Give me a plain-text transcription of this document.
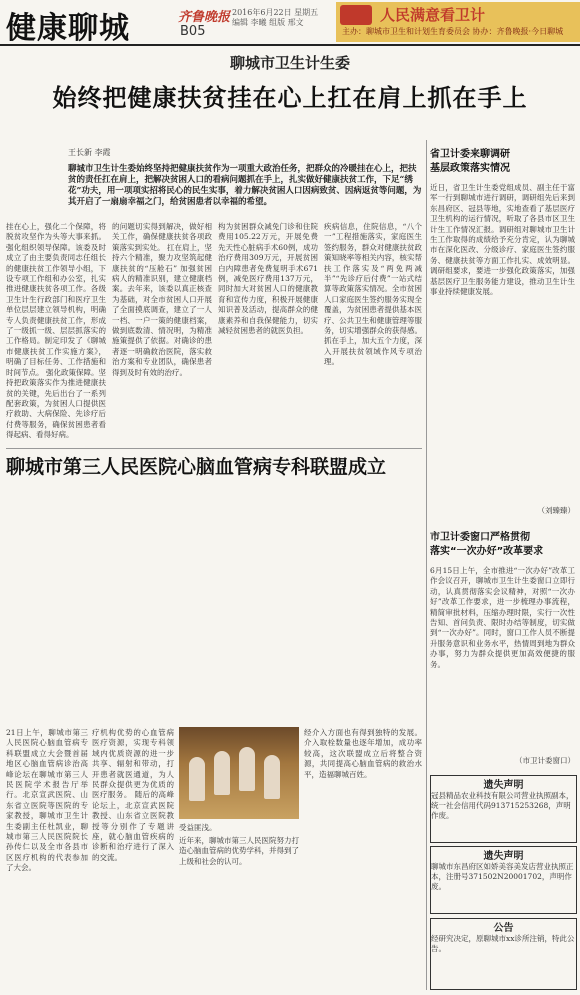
健康聊城	齐鲁晚报
B05
2016年6月22日 星期五
编辑 李曦 组版 邢文	人民满意看卫计
主办：聊城市卫生和计划生育委员会 协办：齐鲁晚报·今日聊城
聊城市卫生计生委
始终把健康扶贫挂在心上扛在肩上抓在手上
王长新 李霞
聊城市卫生计生委始终坚持把健康扶贫作为一项重大政治任务，把群众的冷暖挂在心上，把扶贫的责任扛在肩上，把解决贫困人口的看病问题抓在手上，扎实做好健康扶贫工作，下足“绣花”功夫，用一项项实招将民心的民生实事，着力解决贫困人口因病致贫、因病返贫等问题，为其开启了一扇扇幸福之门，给贫困患者以幸福的希望。
挂在心上，强化二个保障，将脱贫攻坚作为头等大事来抓。 强化组织领导保障。该委及时成立了由主要负责同志任组长的健康扶贫工作领导小组，下设专项工作组和办公室，扎实推进健康扶贫各项工作。各级卫生计生行政部门和医疗卫生单位层层建立领导机构，明确专人负责健康扶贫工作，形成了一级抓一级、层层抓落实的工作格局。制定印发了《聊城市健康扶贫工作实施方案》，明确了目标任务、工作措施和时间节点。 强化政策保障。坚持把政策落实作为推进健康扶贫的关键，先后出台了一系列配套政策，为贫困人口提供医疗救助、大病保险、先诊疗后付费等服务，确保贫困患者看得起病、看得好病。
的问题切实得到解决，做好相关工作，确保健康扶贫各项政策落实到实处。 扛在肩上，坚持六个精准，聚力攻坚筑起健康扶贫的“压舱石” 加强贫困病人的精准识别，建立健康档案。去年来，该委以真正核查为基础，对全市贫困人口开展了全面摸底调查，建立了一人一档、一户一策的健康档案，做到底数清、情况明，为精准施策提供了依据。对确诊的患者逐一明确救治医院，落实救治方案和专业团队，确保患者得到及时有效的治疗。
构为贫困群众减免门诊和住院费用105.22万元，开展免费先天性心脏病手术60例，成功治疗费用309万元，开展贫困白内障患者免费复明手术671例，减免医疗费用137万元，同时加大对贫困人口的健康教育和宣传力度，积极开展健康知识普及活动，提高群众的健康素养和自我保健能力，切实减轻贫困患者的就医负担。
疾病信息，住院信息，“八个一”工程措施落实，家庭医生签约服务，群众对健康扶贫政策知晓率等相关内容，核实帮扶工作落实及“两免两减半”“先诊疗后付费”一站式结算等政策落实情况。全市贫困人口家庭医生签约服务实现全覆盖，为贫困患者提供基本医疗、公共卫生和健康管理等服务，切实增强群众的获得感。 抓在手上，加大五个力度，深入开展扶贫领域作风专项治理。
省卫计委来聊调研
基层政策落实情况
近日，省卫生计生委党组成员、副主任于富军一行到聊城市进行调研，调研组先后来到东昌府区、冠县等地，实地查看了基层医疗卫生机构的运行情况，听取了各县市区卫生计生工作情况汇报。调研组对聊城市卫生计生工作取得的成绩给予充分肯定，认为聊城市在深化医改、分级诊疗、家庭医生签约服务、健康扶贫等方面工作扎实、成效明显。调研组要求，要进一步强化政策落实，加强基层医疗卫生服务能力建设，推动卫生计生事业持续健康发展。
（刘臻臻）
市卫计委窗口严格贯彻
落实“一次办好”改革要求
6月15日上午，全市推进“一次办好”改革工作会议召开，聊城市卫生计生委窗口立即行动，认真贯彻落实会议精神，对照“一次办好”改革工作要求，进一步梳理办事流程，精简审批材料，压缩办理时限，实行一次性告知、首问负责、限时办结等制度，切实做到“一次办好”。同时，窗口工作人员不断提升服务意识和业务水平，热情周到地为群众办事，努力为群众提供更加高效便捷的服务。
（市卫计委窗口）
聊城市第三人民医院心脑血管病专科联盟成立
21日上午，聊城市第三人民医院心脑血管病专科联盟成立大会暨首届地区心脑血管病诊治高峰论坛在聊城市第三人民医院学术报告厅举行。北京宣武医院、山东省立医院等医院的专家教授，聊城市卫生计生委副主任杜凯业，聊城市第三人民医院院长孙传仁以及全市各县市区医疗机构的代表参加了大会。
疗机构优势的心血管病医疗资源，实现专科领域内优质资源的进一步共享、辐射和带动，打开患者就医通道，为人民群众提供更为优质的医疗服务。 随后的高峰论坛上，北京宣武医院教授、山东省立医院教授等分别作了专题讲座，就心脑血管疾病的诊断和治疗进行了深入的交流。
受益匪浅。
近年来，聊城市第三人民医院努力打造心脑血管病的优势学科，并得到了上级和社会的认可。
经介入方面也有得到独特的发展。介入取栓数量也逐年增加，成功率较高，这次联盟成立后将整合资源，共同提高心脑血管病的救治水平，造福聊城百姓。
遗失声明
冠县精品农业科技有限公司营业执照副本，统一社会信用代码913715253268，声明作废。
遗失声明
聊城市东昌府区如娇美容美发店营业执照正本，注册号371502N20001702，声明作废。
公告
经研究决定，原聊城市xx诊所注销，特此公告。
